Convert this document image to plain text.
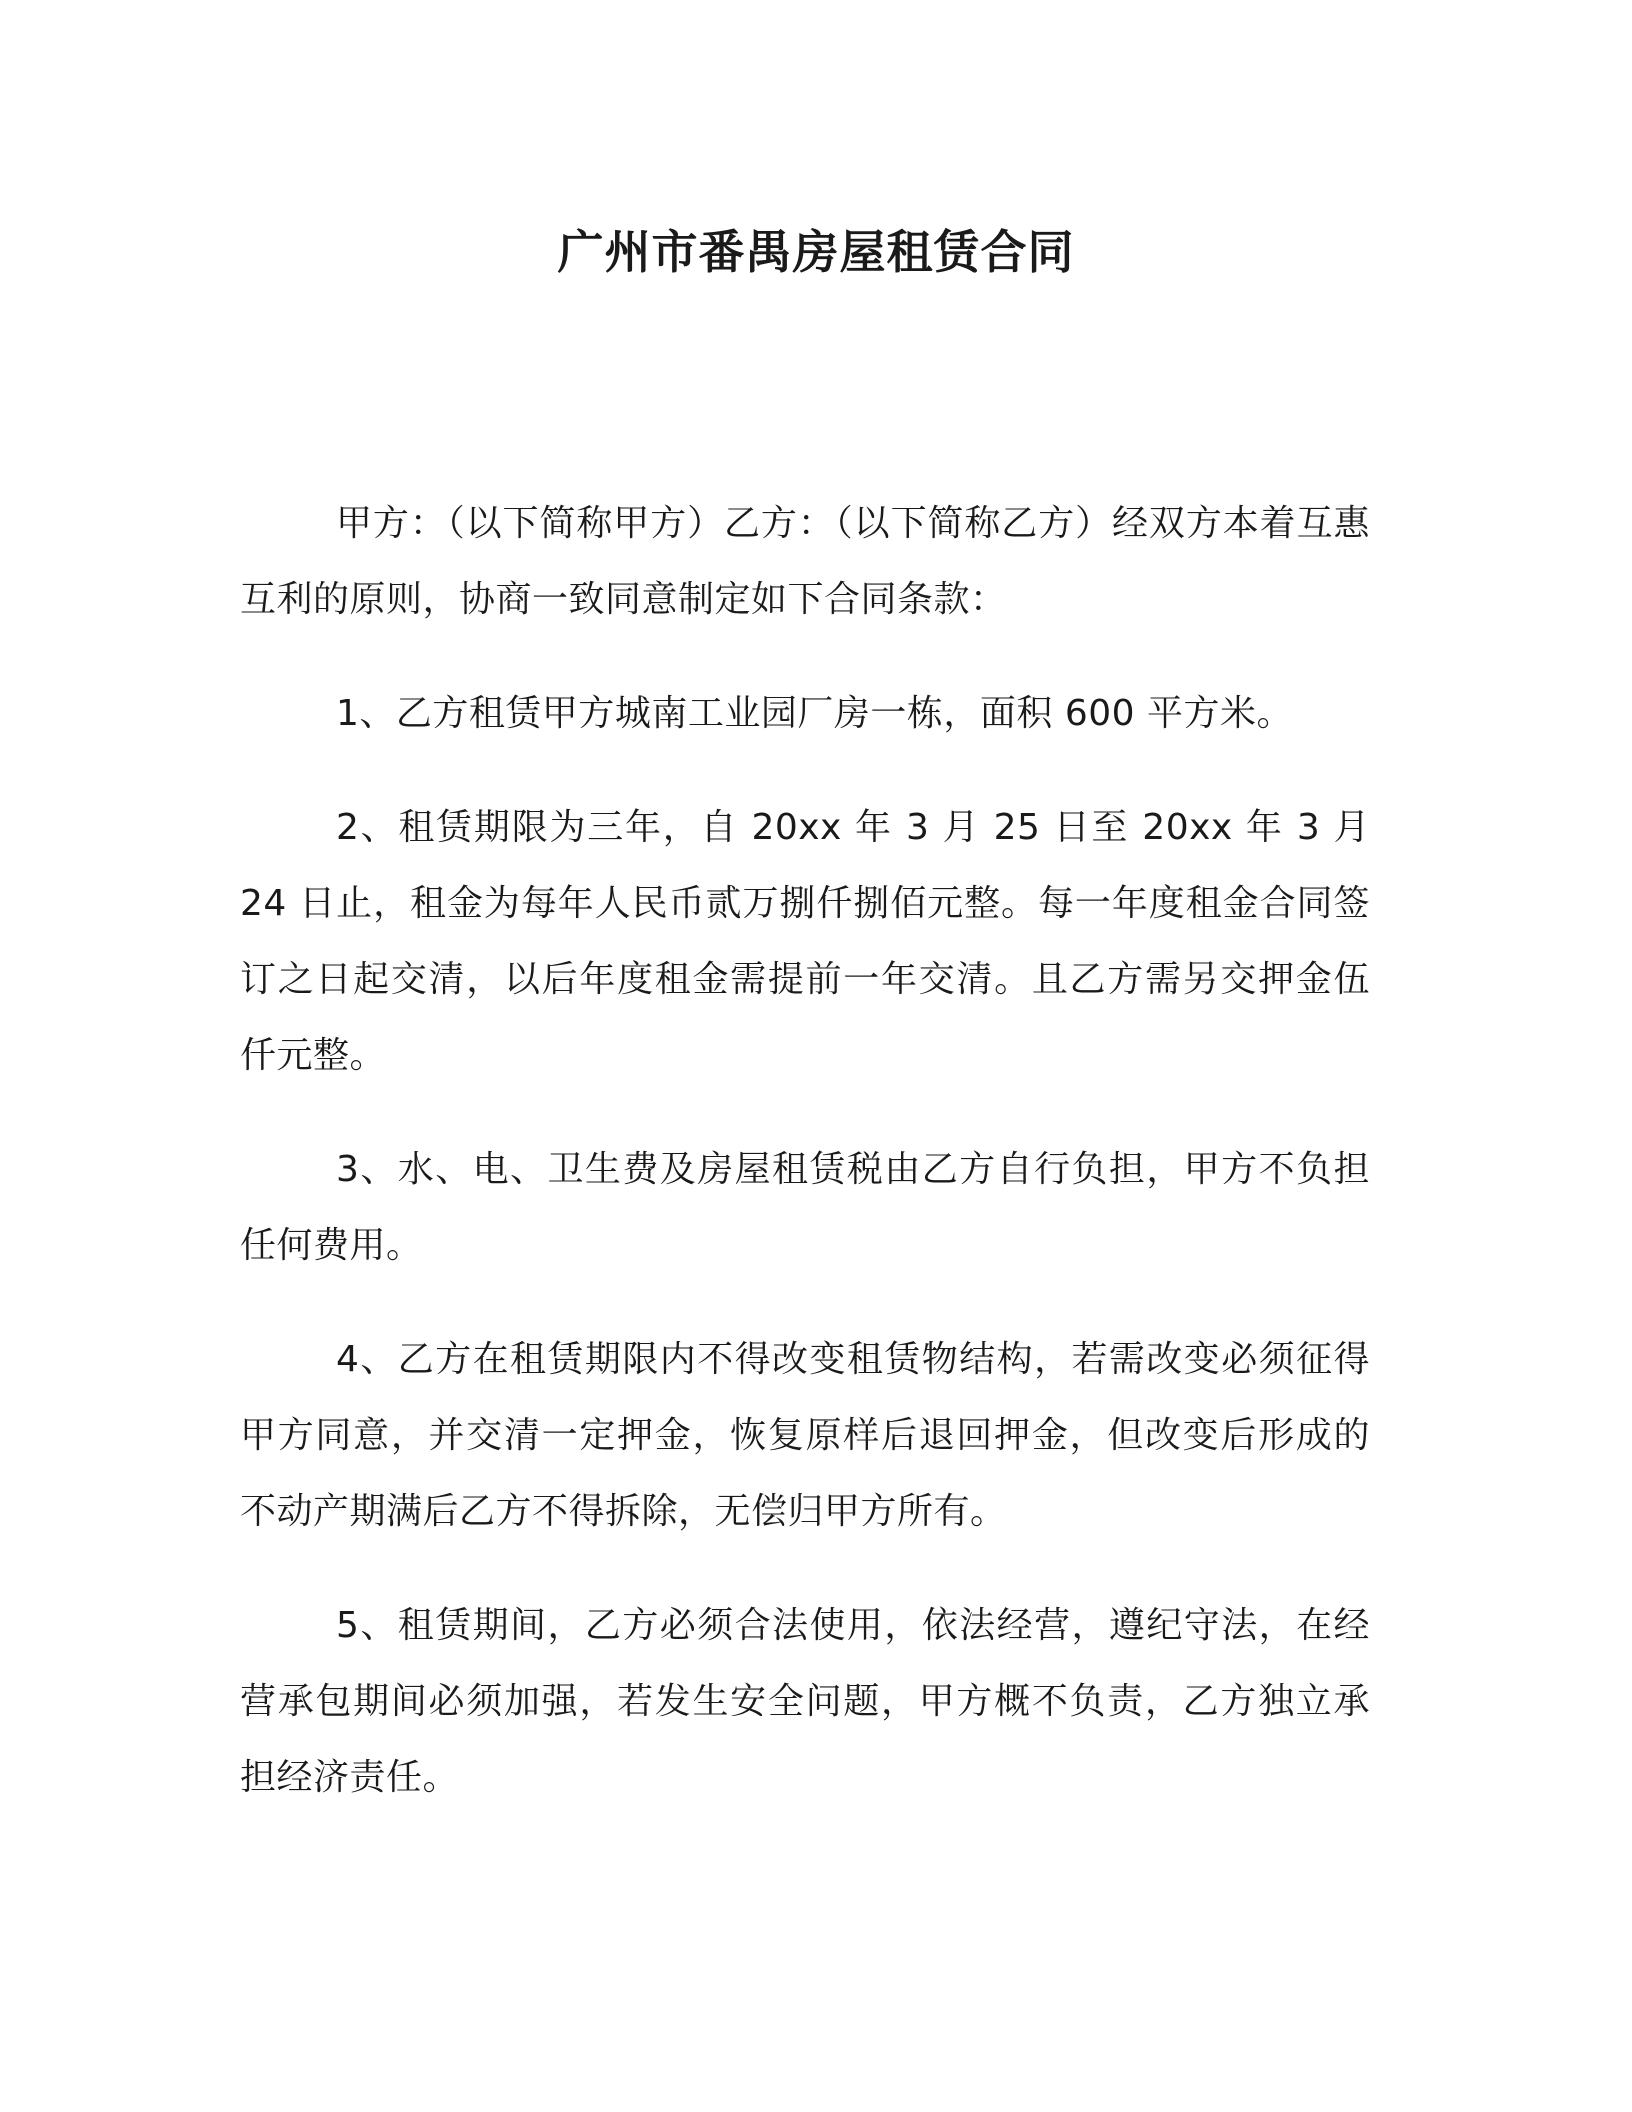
广州市番禺房屋租赁合同

甲方：（以下简称甲方）乙方：（以下简称乙方）经双方本着互惠互利的原则，协商一致同意制定如下合同条款：

1、乙方租赁甲方城南工业园厂房一栋，面积 600 平方米。

2、租赁期限为三年，自 20xx 年 3 月 25 日至 20xx 年 3 月 24 日止，租金为每年人民币贰万捌仟捌佰元整。每一年度租金合同签订之日起交清，以后年度租金需提前一年交清。且乙方需另交押金伍仟元整。

3、水、电、卫生费及房屋租赁税由乙方自行负担，甲方不负担任何费用。

4、乙方在租赁期限内不得改变租赁物结构，若需改变必须征得甲方同意，并交清一定押金，恢复原样后退回押金，但改变后形成的不动产期满后乙方不得拆除，无偿归甲方所有。

5、租赁期间，乙方必须合法使用，依法经营，遵纪守法，在经营承包期间必须加强，若发生安全问题，甲方概不负责，乙方独立承担经济责任。
